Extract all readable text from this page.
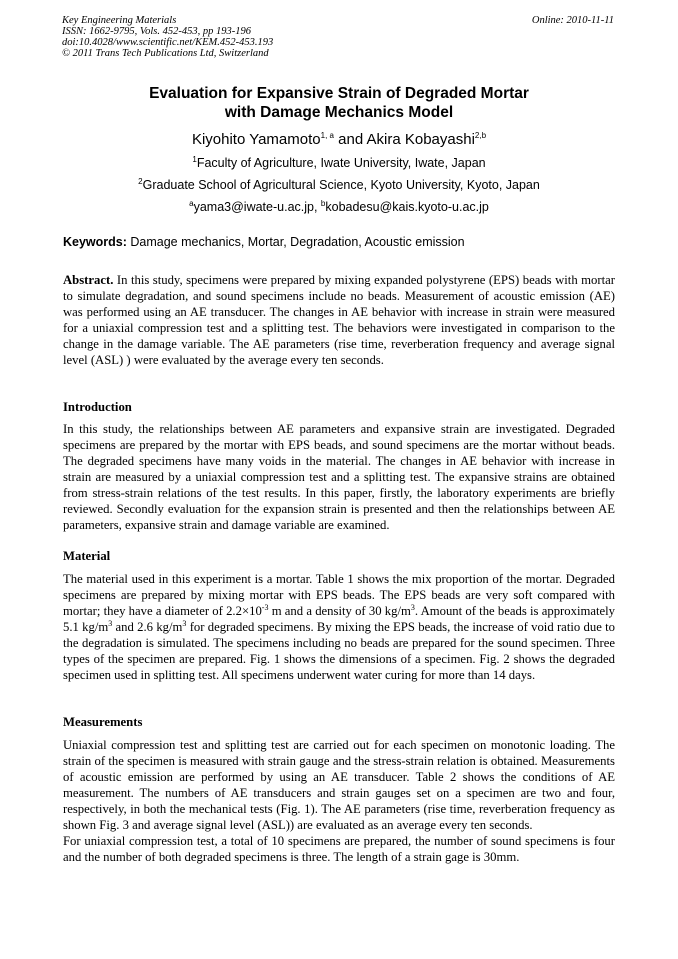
Key Engineering Materials
ISSN: 1662-9795, Vols. 452-453, pp 193-196
doi:10.4028/www.scientific.net/KEM.452-453.193
© 2011 Trans Tech Publications Ltd, Switzerland
Online: 2010-11-11
Evaluation for Expansive Strain of Degraded Mortar
with Damage Mechanics Model
Kiyohito Yamamoto$^{1, a}$ and Akira Kobayashi$^{2,b}$
$^1$Faculty of Agriculture, Iwate University, Iwate, Japan
$^2$Graduate School of Agricultural Science, Kyoto University, Kyoto, Japan
$^a$yama3@iwate-u.ac.jp, $^b$kobadesu@kais.kyoto-u.ac.jp
Keywords: Damage mechanics, Mortar, Degradation, Acoustic emission

Abstract. In this study, specimens were prepared by mixing expanded polystyrene (EPS) beads with mortar to simulate degradation, and sound specimens include no beads. Measurement of acoustic emission (AE) was performed using an AE transducer. The changes in AE behavior with increase in strain were measured for a uniaxial compression test and a splitting test. The behaviors were investigated in comparison to the change in the damage variable. The AE parameters (rise time, reverberation frequency and average signal level (ASL) ) were evaluated by the average every ten seconds.

Introduction

In this study, the relationships between AE parameters and expansive strain are investigated. Degraded specimens are prepared by the mortar with EPS beads, and sound specimens are the mortar without beads. The degraded specimens have many voids in the material. The changes in AE behavior with increase in strain are measured by a uniaxial compression test and a splitting test. The expansive strains are obtained from stress-strain relations of the test results. In this paper, firstly, the laboratory experiments are briefly reviewed. Secondly evaluation for the expansion strain is presented and then the relationships between AE parameters, expansive strain and damage variable are examined.

Material

The material used in this experiment is a mortar. Table 1 shows the mix proportion of the mortar. Degraded specimens are prepared by mixing mortar with EPS beads. The EPS beads are very soft compared with mortar; they have a diameter of $2.2\times 10^{-3}$ m and a density of 30 $kg/m^3$. Amount of the beads is approximately 5.1 $kg/m^3$ and 2.6 $kg/m^3$ for degraded specimens. By mixing the EPS beads, the increase of void ratio due to the degradation is simulated. The specimens including no beads are prepared for the sound specimen. Three types of the specimen are prepared. Fig. 1 shows the dimensions of a specimen. Fig. 2 shows the degraded specimen used in splitting test. All specimens underwent water curing for more than 14 days.

Measurements

Uniaxial compression test and splitting test are carried out for each specimen on monotonic loading. The strain of the specimen is measured with strain gauge and the stress-strain relation is obtained. Measurements of acoustic emission are performed by using an AE transducer. Table 2 shows the conditions of AE measurement. The numbers of AE transducers and strain gauges set on a specimen are two and four, respectively, in both the mechanical tests (Fig. 1). The AE parameters (rise time, reverberation frequency as shown Fig. 3 and average signal level (ASL)) are evaluated as an average every ten seconds.

For uniaxial compression test, a total of 10 specimens are prepared, the number of sound specimens is four and the number of both degraded specimens is three. The length of a strain gage is 30mm.
